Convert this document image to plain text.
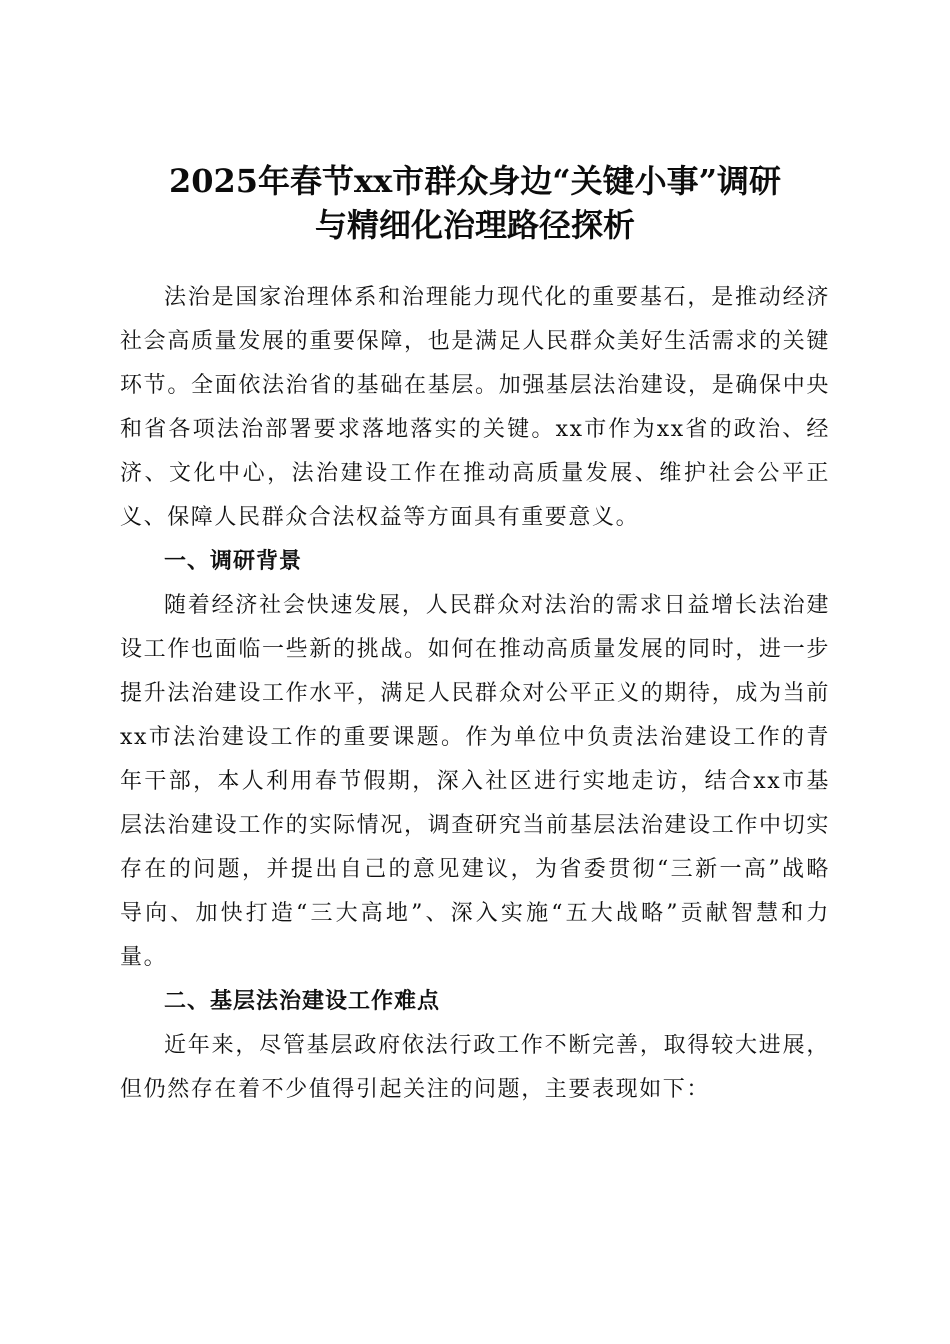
2025年春节xx市群众身边“关键小事”调研
与精细化治理路径探析

法治是国家治理体系和治理能力现代化的重要基石，是推动经济社会高质量发展的重要保障，也是满足人民群众美好生活需求的关键环节。全面依法治省的基础在基层。加强基层法治建设，是确保中央和省各项法治部署要求落地落实的关键。xx市作为xx省的政治、经济、文化中心，法治建设工作在推动高质量发展、维护社会公平正义、保障人民群众合法权益等方面具有重要意义。

一、调研背景

随着经济社会快速发展，人民群众对法治的需求日益增长法治建设工作也面临一些新的挑战。如何在推动高质量发展的同时，进一步提升法治建设工作水平，满足人民群众对公平正义的期待，成为当前xx市法治建设工作的重要课题。作为单位中负责法治建设工作的青年干部，本人利用春节假期，深入社区进行实地走访，结合xx市基层法治建设工作的实际情况，调查研究当前基层法治建设工作中切实存在的问题，并提出自己的意见建议，为省委贯彻“三新一高”战略导向、加快打造“三大高地”、深入实施“五大战略”贡献智慧和力量。

二、基层法治建设工作难点

近年来，尽管基层政府依法行政工作不断完善，取得较大进展，但仍然存在着不少值得引起关注的问题，主要表现如下：
